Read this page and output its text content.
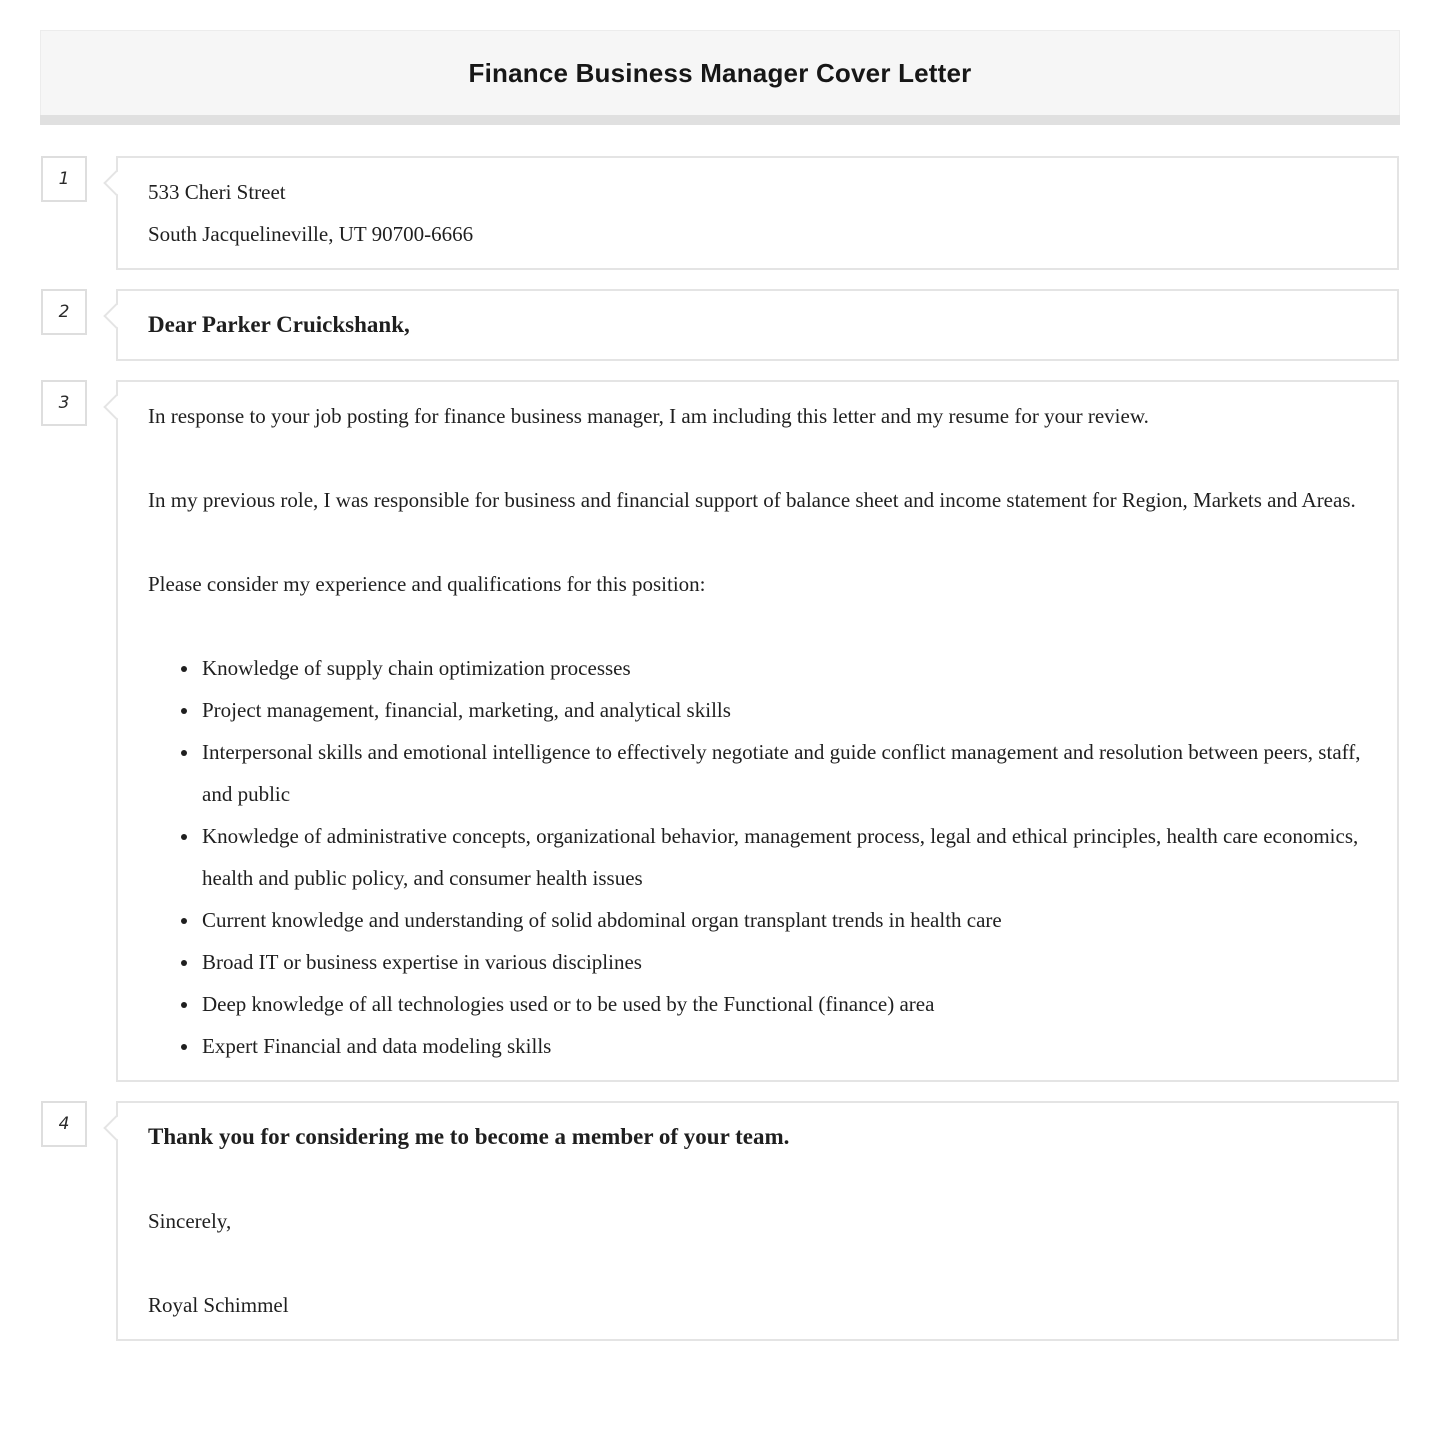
Finance Business Manager Cover Letter
1

533 Cheri Street

South Jacquelineville, UT 90700-6666

2	Dear Parker Cruickshank,

3

In response to your job posting for finance business manager, I am including this letter and my resume for your review.

In my previous role, I was responsible for business and financial support of balance sheet and income statement for Region, Markets and Areas.

Please consider my experience and qualifications for this position:

• Knowledge of supply chain optimization processes
• Project management, financial, marketing, and analytical skills
• Interpersonal skills and emotional intelligence to effectively negotiate and guide conflict management and resolution between peers, staff, and public
• Knowledge of administrative concepts, organizational behavior, management process, legal and ethical principles, health care economics, health and public policy, and consumer health issues
• Current knowledge and understanding of solid abdominal organ transplant trends in health care
• Broad IT or business expertise in various disciplines
• Deep knowledge of all technologies used or to be used by the Functional (finance) area
• Expert Financial and data modeling skills
4	Thank you for considering me to become a member of your team.

Sincerely,

Royal Schimmel
